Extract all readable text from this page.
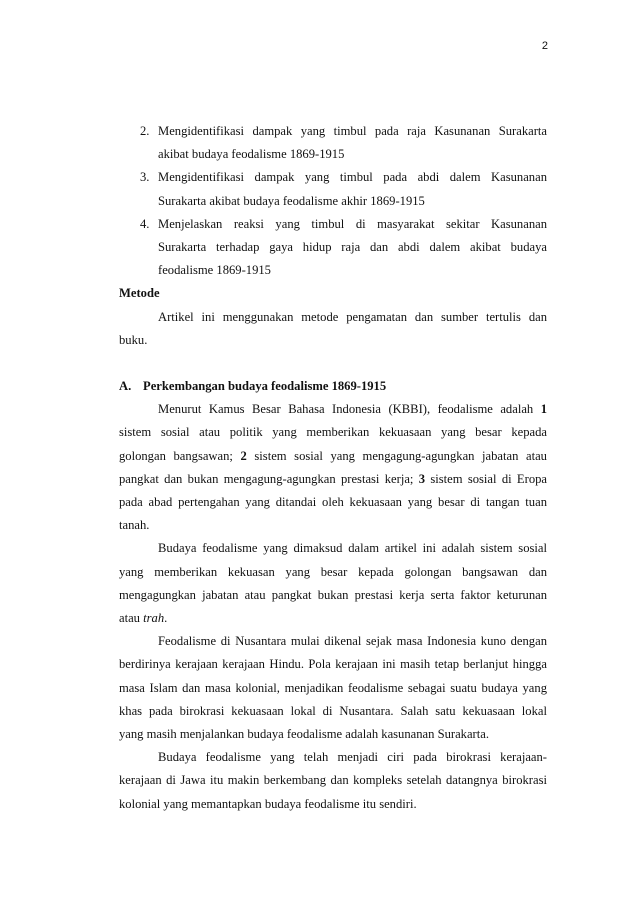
2
2. Mengidentifikasi dampak yang timbul pada raja Kasunanan Surakarta
akibat budaya feodalisme 1869-1915
3. Mengidentifikasi dampak yang timbul pada abdi dalem Kasunanan
Surakarta akibat budaya feodalisme akhir 1869-1915
4. Menjelaskan reaksi yang timbul di masyarakat sekitar Kasunanan
Surakarta terhadap gaya hidup raja dan abdi dalem akibat budaya
feodalisme 1869-1915
Metode
Artikel ini menggunakan metode pengamatan dan sumber tertulis dan
buku.
A. Perkembangan budaya feodalisme 1869-1915
Menurut Kamus Besar Bahasa Indonesia (KBBI), feodalisme adalah 1
sistem sosial atau politik yang memberikan kekuasaan yang besar kepada
golongan bangsawan; 2 sistem sosial yang mengagung-agungkan jabatan atau
pangkat dan bukan mengagung-agungkan prestasi kerja; 3 sistem sosial di Eropa
pada abad pertengahan yang ditandai oleh kekuasaan yang besar di tangan tuan
tanah.
Budaya feodalisme yang dimaksud dalam artikel ini adalah sistem sosial
yang memberikan kekuasan yang besar kepada golongan bangsawan dan
mengagungkan jabatan atau pangkat bukan prestasi kerja serta faktor keturunan
atau trah.
Feodalisme di Nusantara mulai dikenal sejak masa Indonesia kuno dengan
berdirinya kerajaan kerajaan Hindu. Pola kerajaan ini masih tetap berlanjut hingga
masa Islam dan masa kolonial, menjadikan feodalisme sebagai suatu budaya yang
khas pada birokrasi kekuasaan lokal di Nusantara. Salah satu kekuasaan lokal
yang masih menjalankan budaya feodalisme adalah kasunanan Surakarta.
Budaya feodalisme yang telah menjadi ciri pada birokrasi kerajaan-
kerajaan di Jawa itu makin berkembang dan kompleks setelah datangnya birokrasi
kolonial yang memantapkan budaya feodalisme itu sendiri.
